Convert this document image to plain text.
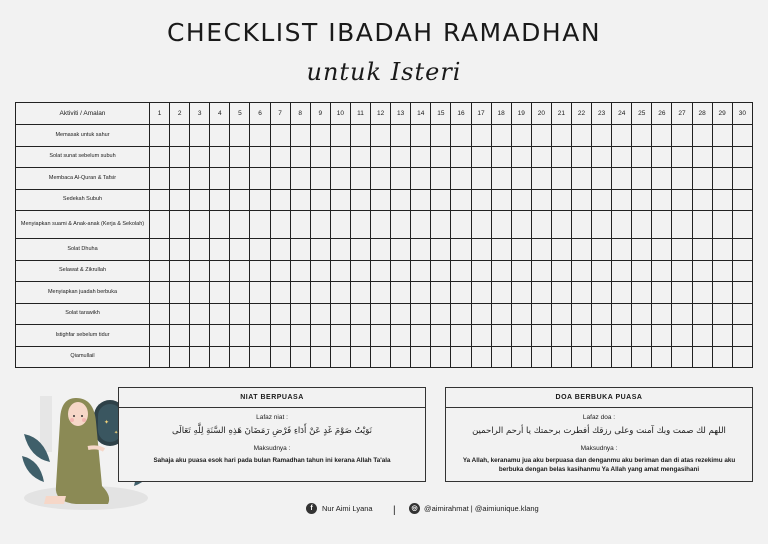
CHECKLIST IBADAH RAMADHAN
untuk Isteri
Aktiviti / Amalan	1	2	3	4	5	6	7	8	9	10	11	12	13	14	15	16	17	18	19	20	21	22	23	24	25	26	27	28	29	30
Memasak untuk sahur																														
Solat sunat sebelum subuh																														
Membaca Al-Quran & Tafsir																														
Sedekah Subuh																														
Menyiapkan suami & Anak-anak (Kerja & Sekolah)																														
Solat Dhuha																														
Selawat & Zikrullah																														
Menyiapkan juadah berbuka																														
Solat tarawikh																														
Istighfar sebelum tidur																														
Qiamullail																														
✦
✦
NIAT BERPUASA
Lafaz niat :
نَوَيْتُ صَوْمَ غَدٍ عَنْ أَدَاءِ فَرْضِ رَمَضَانَ هَذِهِ السَّنَةِ لِلَّهِ تَعَالَى
Maksudnya :
Sahaja aku puasa esok hari pada bulan Ramadhan tahun ini kerana Allah Ta'ala
DOA BERBUKA PUASA
Lafaz doa :
اللهم لك صمت وبك آمنت وعلى رزقك أفطرت برحمتك يا أرحم الراحمين
Maksudnya :
Ya Allah, keranamu jua aku berpuasa dan denganmu aku beriman dan di atas rezekimu aku berbuka dengan belas kasihanmu Ya Allah yang amat mengasihani
f	Nur Aimi Lyana |	◎ @aimirahmat | @aimiunique.klang
